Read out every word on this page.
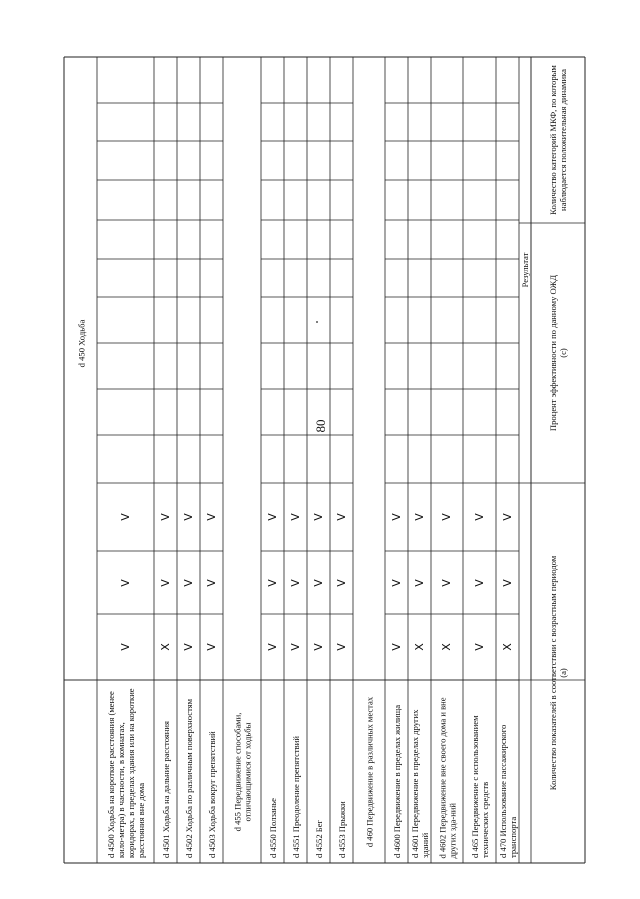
80
d 450 Ходьба
d 4500 Ходьба на короткие расстояния (менее кило-метра) в частности, в комнатах, коридорах, в пределах здания или на короткие расстояния вне дома
V
V
V
d 4501 Ходьба на дальние расстояния
X
V
V
d 4502 Ходьба по различным поверхностям
V
V
V
d 4503 Ходьба вокруг препятствий
V
V
V
d 455 Передвижение способами, отличающимися от ходьбы
d 4550 Ползанье
V
V
V
d 4551 Преодоление препятствий
V
V
V
d 4552 Бег
V
V
V
d 4553 Прыжки
V
V
V
d 460 Передвижение в различных местах	d 4600 Передвижение в пределах жилища
V
V
V
d 4601 Передвижение в пределах других зданий
X
V
V
d 4602 Передвижение вне своего дома и вне других зда-ний
X
V
V
d 465 Передвижение с использованием технических средств
V
V
V
d 470 Использование пассажирского транспорта
X
V
V
Результат
Количество показателей в соответствии с возрастным периодом (а)
Процент эффективности по данному ОЖД (с)
Количество категорий МКФ, по которым наблюдается положительная динамика
